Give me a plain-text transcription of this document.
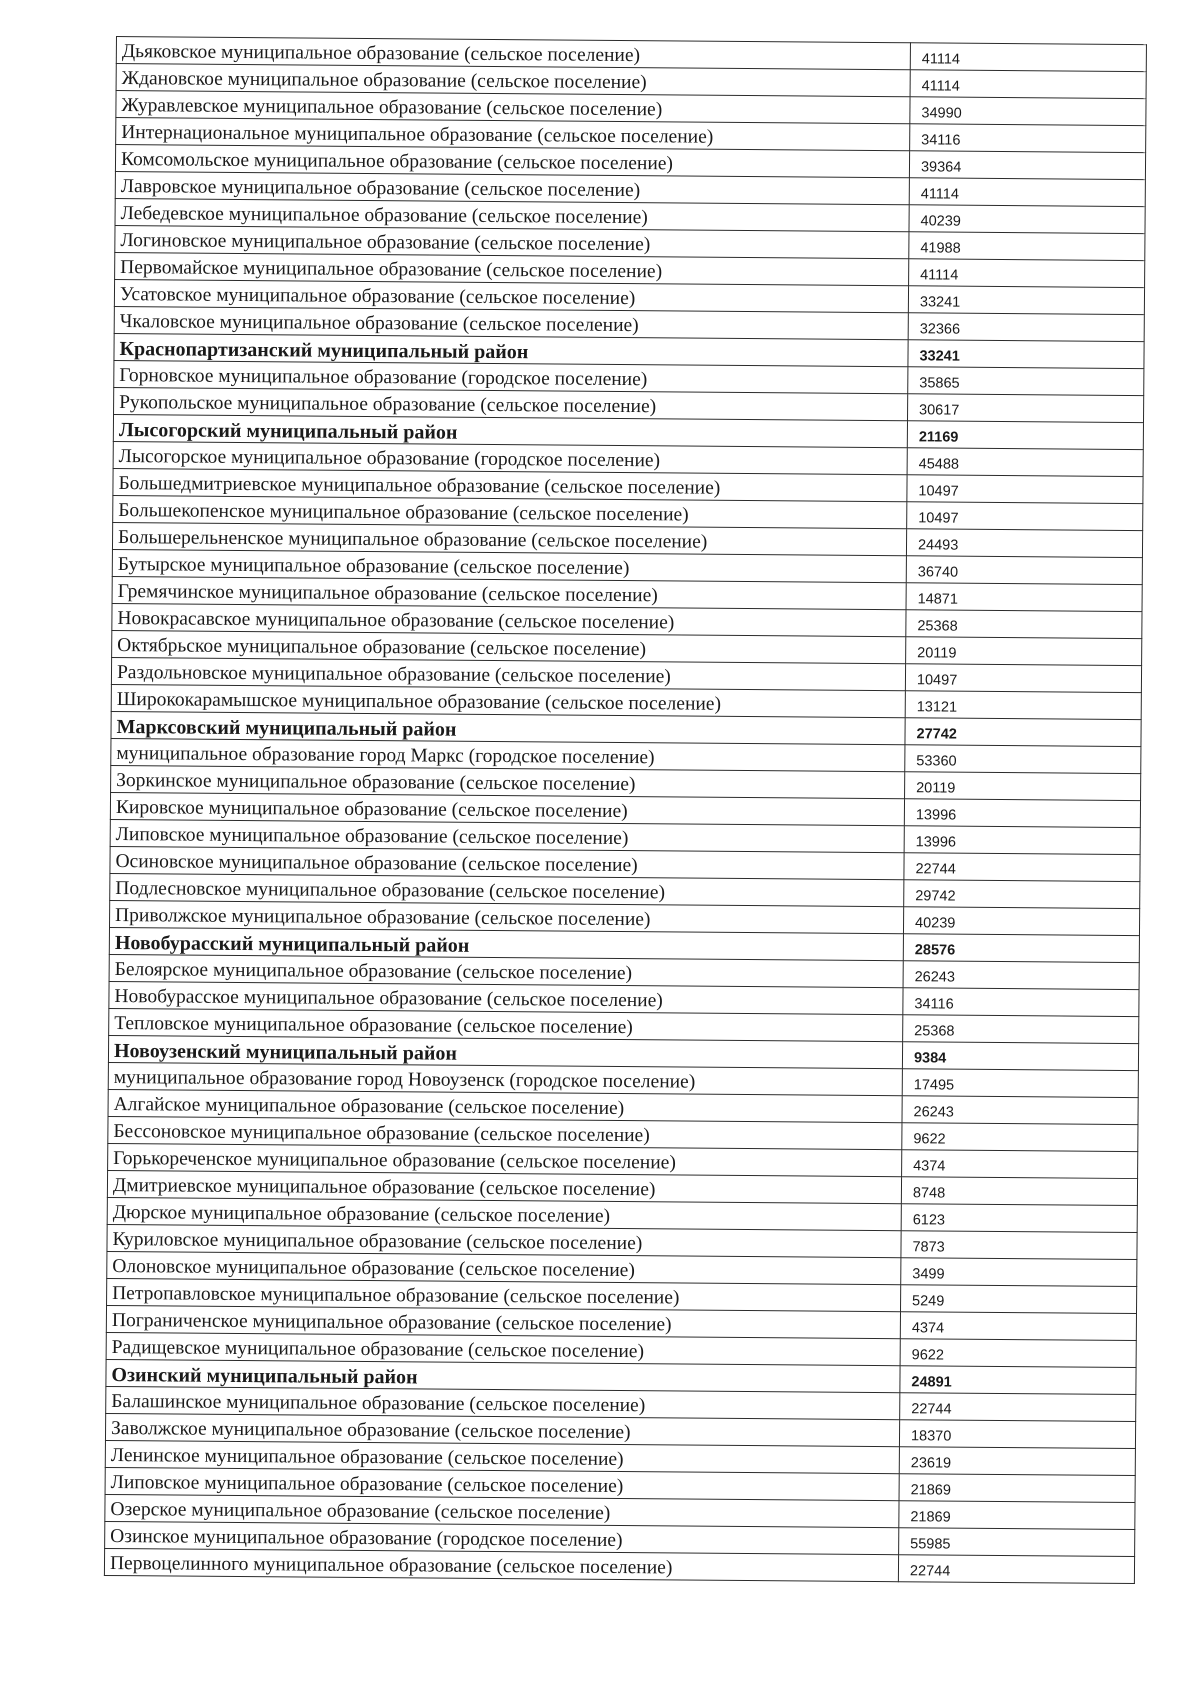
Дьяковское муниципальное образование (сельское поселение)	41114
Ждановское муниципальное образование (сельское поселение)	41114
Журавлевское муниципальное образование (сельское поселение)	34990
Интернациональное муниципальное образование (сельское поселение)	34116
Комсомольское муниципальное образование (сельское поселение)	39364
Лавровское муниципальное образование (сельское поселение)	41114
Лебедевское муниципальное образование (сельское поселение)	40239
Логиновское муниципальное образование (сельское поселение)	41988
Первомайское муниципальное образование (сельское поселение)	41114
Усатовское муниципальное образование (сельское поселение)	33241
Чкаловское муниципальное образование (сельское поселение)	32366
Краснопартизанский муниципальный район	33241
Горновское муниципальное образование (городское поселение)	35865
Рукопольское муниципальное образование (сельское поселение)	30617
Лысогорский муниципальный район	21169
Лысогорское муниципальное образование (городское поселение)	45488
Большедмитриевское муниципальное образование (сельское поселение)	10497
Большекопенское муниципальное образование (сельское поселение)	10497
Большерельненское муниципальное образование (сельское поселение)	24493
Бутырское муниципальное образование (сельское поселение)	36740
Гремячинское муниципальное образование (сельское поселение)	14871
Новокрасавское муниципальное образование (сельское поселение)	25368
Октябрьское муниципальное образование (сельское поселение)	20119
Раздольновское муниципальное образование (сельское поселение)	10497
Ширококарамышское муниципальное образование (сельское поселение)	13121
Марксовский муниципальный район	27742
муниципальное образование город Маркс (городское поселение)	53360
Зоркинское муниципальное образование (сельское поселение)	20119
Кировское муниципальное образование (сельское поселение)	13996
Липовское муниципальное образование (сельское поселение)	13996
Осиновское муниципальное образование (сельское поселение)	22744
Подлесновское муниципальное образование (сельское поселение)	29742
Приволжское муниципальное образование (сельское поселение)	40239
Новобурасский муниципальный район	28576
Белоярское муниципальное образование (сельское поселение)	26243
Новобурасское муниципальное образование (сельское поселение)	34116
Тепловское муниципальное образование (сельское поселение)	25368
Новоузенский муниципальный район	9384
муниципальное образование город Новоузенск (городское поселение)	17495
Алгайское муниципальное образование (сельское поселение)	26243
Бессоновское муниципальное образование (сельское поселение)	9622
Горькореченское муниципальное образование (сельское поселение)	4374
Дмитриевское муниципальное образование (сельское поселение)	8748
Дюрское муниципальное образование (сельское поселение)	6123
Куриловское муниципальное образование (сельское поселение)	7873
Олоновское муниципальное образование (сельское поселение)	3499
Петропавловское муниципальное образование (сельское поселение)	5249
Пограниченское муниципальное образование (сельское поселение)	4374
Радищевское муниципальное образование (сельское поселение)	9622
Озинский муниципальный район	24891
Балашинское муниципальное образование (сельское поселение)	22744
Заволжское муниципальное образование (сельское поселение)	18370
Ленинское муниципальное образование (сельское поселение)	23619
Липовское муниципальное образование (сельское поселение)	21869
Озерское муниципальное образование (сельское поселение)	21869
Озинское муниципальное образование (городское поселение)	55985
Первоцелинного муниципальное образование (сельское поселение)	22744
